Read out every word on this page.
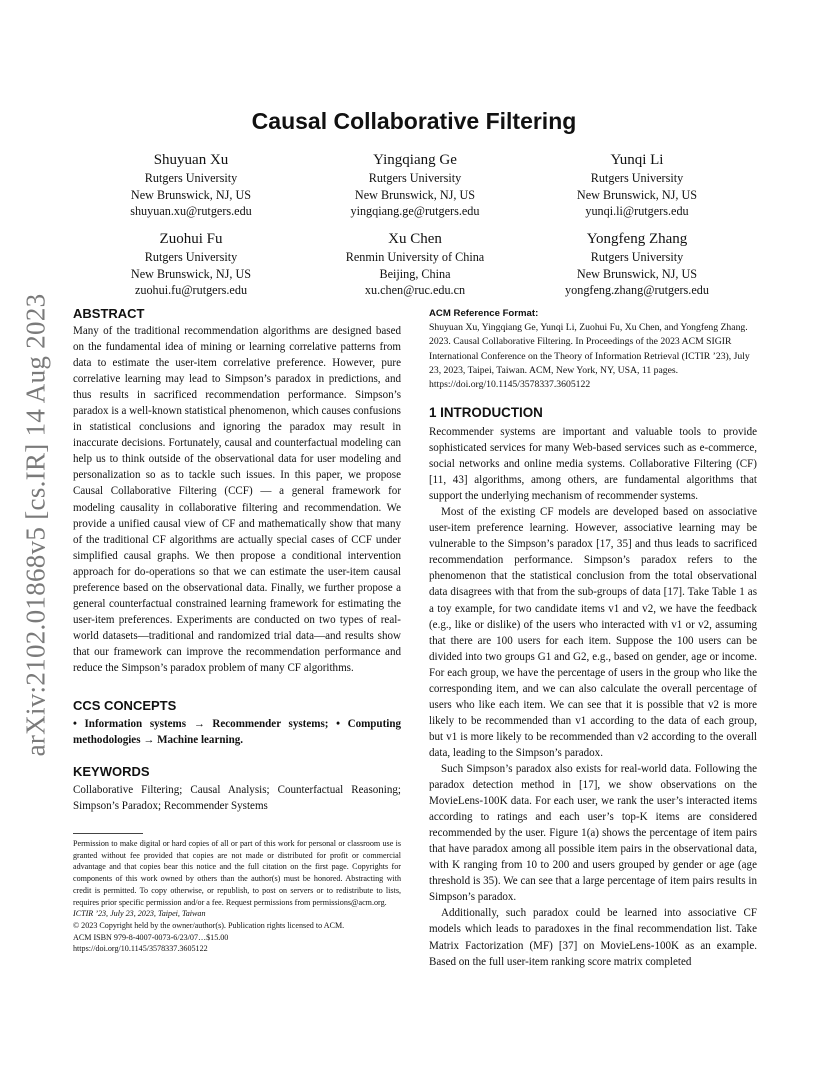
arXiv:2102.01868v5 [cs.IR] 14 Aug 2023
Causal Collaborative Filtering
Shuyuan Xu
Rutgers University
New Brunswick, NJ, US
shuyuan.xu@rutgers.edu
Yingqiang Ge
Rutgers University
New Brunswick, NJ, US
yingqiang.ge@rutgers.edu
Yunqi Li
Rutgers University
New Brunswick, NJ, US
yunqi.li@rutgers.edu
Zuohui Fu
Rutgers University
New Brunswick, NJ, US
zuohui.fu@rutgers.edu
Xu Chen
Renmin University of China
Beijing, China
xu.chen@ruc.edu.cn
Yongfeng Zhang
Rutgers University
New Brunswick, NJ, US
yongfeng.zhang@rutgers.edu
ABSTRACT

Many of the traditional recommendation algorithms are designed based on the fundamental idea of mining or learning correlative patterns from data to estimate the user-item correlative preference. However, pure correlative learning may lead to Simpson’s paradox in predictions, and thus results in sacrificed recommendation performance. Simpson’s paradox is a well-known statistical phenomenon, which causes confusions in statistical conclusions and ignoring the paradox may result in inaccurate decisions. Fortunately, causal and counterfactual modeling can help us to think outside of the observational data for user modeling and personalization so as to tackle such issues. In this paper, we propose Causal Collaborative Filtering (CCF) — a general framework for modeling causality in collaborative filtering and recommendation. We provide a unified causal view of CF and mathematically show that many of the traditional CF algorithms are actually special cases of CCF under simplified causal graphs. We then propose a conditional intervention approach for do-operations so that we can estimate the user-item causal preference based on the observational data. Finally, we further propose a general counterfactual constrained learning framework for estimating the user-item preferences. Experiments are conducted on two types of real-world datasets—traditional and randomized trial data—and results show that our framework can improve the recommendation performance and reduce the Simpson’s paradox problem of many CF algorithms.

CCS CONCEPTS

• Information systems → Recommender systems; • Computing methodologies → Machine learning.

KEYWORDS

Collaborative Filtering; Causal Analysis; Counterfactual Reasoning; Simpson’s Paradox; Recommender Systems

Permission to make digital or hard copies of all or part of this work for personal or classroom use is granted without fee provided that copies are not made or distributed for profit or commercial advantage and that copies bear this notice and the full citation on the first page. Copyrights for components of this work owned by others than the author(s) must be honored. Abstracting with credit is permitted. To copy otherwise, or republish, to post on servers or to redistribute to lists, requires prior specific permission and/or a fee. Request permissions from permissions@acm.org.
ICTIR ’23, July 23, 2023, Taipei, Taiwan
© 2023 Copyright held by the owner/author(s). Publication rights licensed to ACM.
ACM ISBN 979-8-4007-0073-6/23/07…$15.00
https://doi.org/10.1145/3578337.3605122
ACM Reference Format:

Shuyuan Xu, Yingqiang Ge, Yunqi Li, Zuohui Fu, Xu Chen, and Yongfeng Zhang. 2023. Causal Collaborative Filtering. In Proceedings of the 2023 ACM SIGIR International Conference on the Theory of Information Retrieval (ICTIR ’23), July 23, 2023, Taipei, Taiwan. ACM, New York, NY, USA, 11 pages. https://doi.org/10.1145/3578337.3605122

1 INTRODUCTION

Recommender systems are important and valuable tools to provide sophisticated services for many Web-based services such as e-commerce, social networks and online media systems. Collaborative Filtering (CF) [11, 43] algorithms, among others, are fundamental algorithms that support the underlying mechanism of recommender systems.

Most of the existing CF models are developed based on associative user-item preference learning. However, associative learning may be vulnerable to the Simpson’s paradox [17, 35] and thus leads to sacrificed recommendation performance. Simpson’s paradox refers to the phenomenon that the statistical conclusion from the total observational data disagrees with that from the sub-groups of data [17]. Take Table 1 as a toy example, for two candidate items v1 and v2, we have the feedback (e.g., like or dislike) of the users who interacted with v1 or v2, assuming that there are 100 users for each item. Suppose the 100 users can be divided into two groups G1 and G2, e.g., based on gender, age or income. For each group, we have the percentage of users in the group who like the corresponding item, and we can also calculate the overall percentage of users who like each item. We can see that it is possible that v2 is more likely to be recommended than v1 according to the data of each group, but v1 is more likely to be recommended than v2 according to the overall data, leading to the Simpson’s paradox.

Such Simpson’s paradox also exists for real-world data. Following the paradox detection method in [17], we show observations on the MovieLens-100K data. For each user, we rank the user’s interacted items according to ratings and each user’s top-K items are considered recommended by the user. Figure 1(a) shows the percentage of item pairs that have paradox among all possible item pairs in the observational data, with K ranging from 10 to 200 and users grouped by gender or age (age threshold is 35). We can see that a large percentage of item pairs results in Simpson’s paradox.

Additionally, such paradox could be learned into associative CF models which leads to paradoxes in the final recommendation list. Take Matrix Factorization (MF) [37] on MovieLens-100K as an example. Based on the full user-item ranking score matrix completed
